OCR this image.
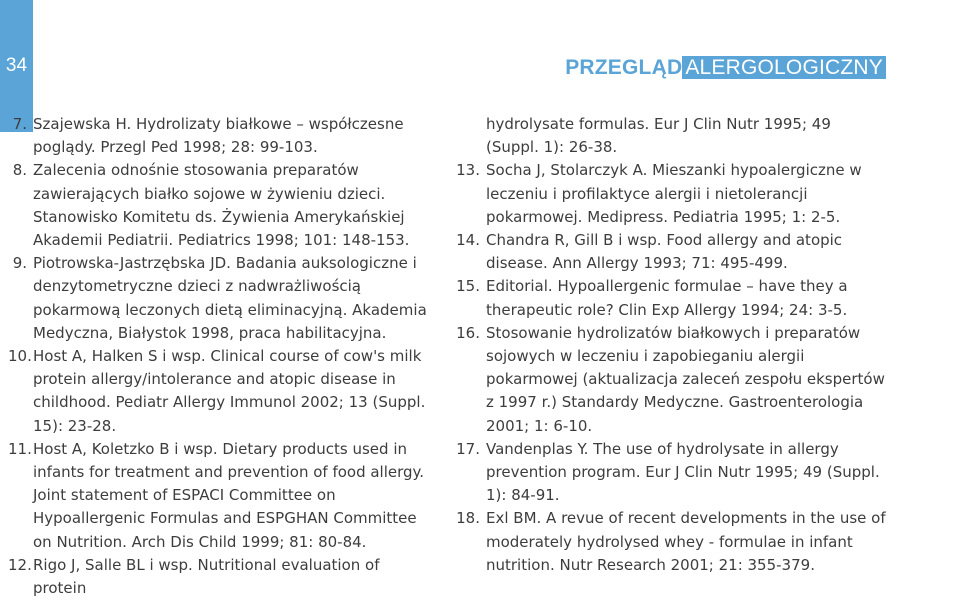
34	PRZEGLĄD ALERGOLOGICZNY
7. Szajewska H. Hydrolizaty białkowe – współczesne poglądy. Przegl Ped 1998; 28: 99-103.
8. Zalecenia odnośnie stosowania preparatów zawierających białko sojowe w żywieniu dzieci. Stanowisko Komitetu ds. Żywienia Amerykańskiej Akademii Pediatrii. Pediatrics 1998; 101: 148-153.
9. Piotrowska-Jastrzębska JD. Badania auksologiczne i denzytometryczne dzieci z nadwrażliwością pokarmową leczonych dietą eliminacyjną. Akademia Medyczna, Białystok 1998, praca habilitacyjna.
10. Host A, Halken S i wsp. Clinical course of cow's milk protein allergy/intolerance and atopic disease in childhood. Pediatr Allergy Immunol 2002; 13 (Suppl. 15): 23-28.
11. Host A, Koletzko B i wsp. Dietary products used in infants for treatment and prevention of food allergy. Joint statement of ESPACI Committee on Hypoallergenic Formulas and ESPGHAN Committee on Nutrition. Arch Dis Child 1999; 81: 80-84.
12. Rigo J, Salle BL i wsp. Nutritional evaluation of protein
hydrolysate formulas. Eur J Clin Nutr 1995; 49 (Suppl. 1): 26-38.
13. Socha J, Stolarczyk A. Mieszanki hypoalergiczne w leczeniu i profilaktyce alergii i nietolerancji pokarmowej. Medipress. Pediatria 1995; 1: 2-5.
14. Chandra R, Gill B i wsp. Food allergy and atopic disease. Ann Allergy 1993; 71: 495-499.
15. Editorial. Hypoallergenic formulae – have they a therapeutic role? Clin Exp Allergy 1994; 24: 3-5.
16. Stosowanie hydrolizatów białkowych i preparatów sojowych w leczeniu i zapobieganiu alergii pokarmowej (aktualizacja zaleceń zespołu ekspertów z 1997 r.) Standardy Medyczne. Gastroenterologia 2001; 1: 6-10.
17. Vandenplas Y. The use of hydrolysate in allergy prevention program. Eur J Clin Nutr 1995; 49 (Suppl. 1): 84-91.
18. Exl BM. A revue of recent developments in the use of moderately hydrolysed whey - formulae in infant nutrition. Nutr Research 2001; 21: 355-379.
